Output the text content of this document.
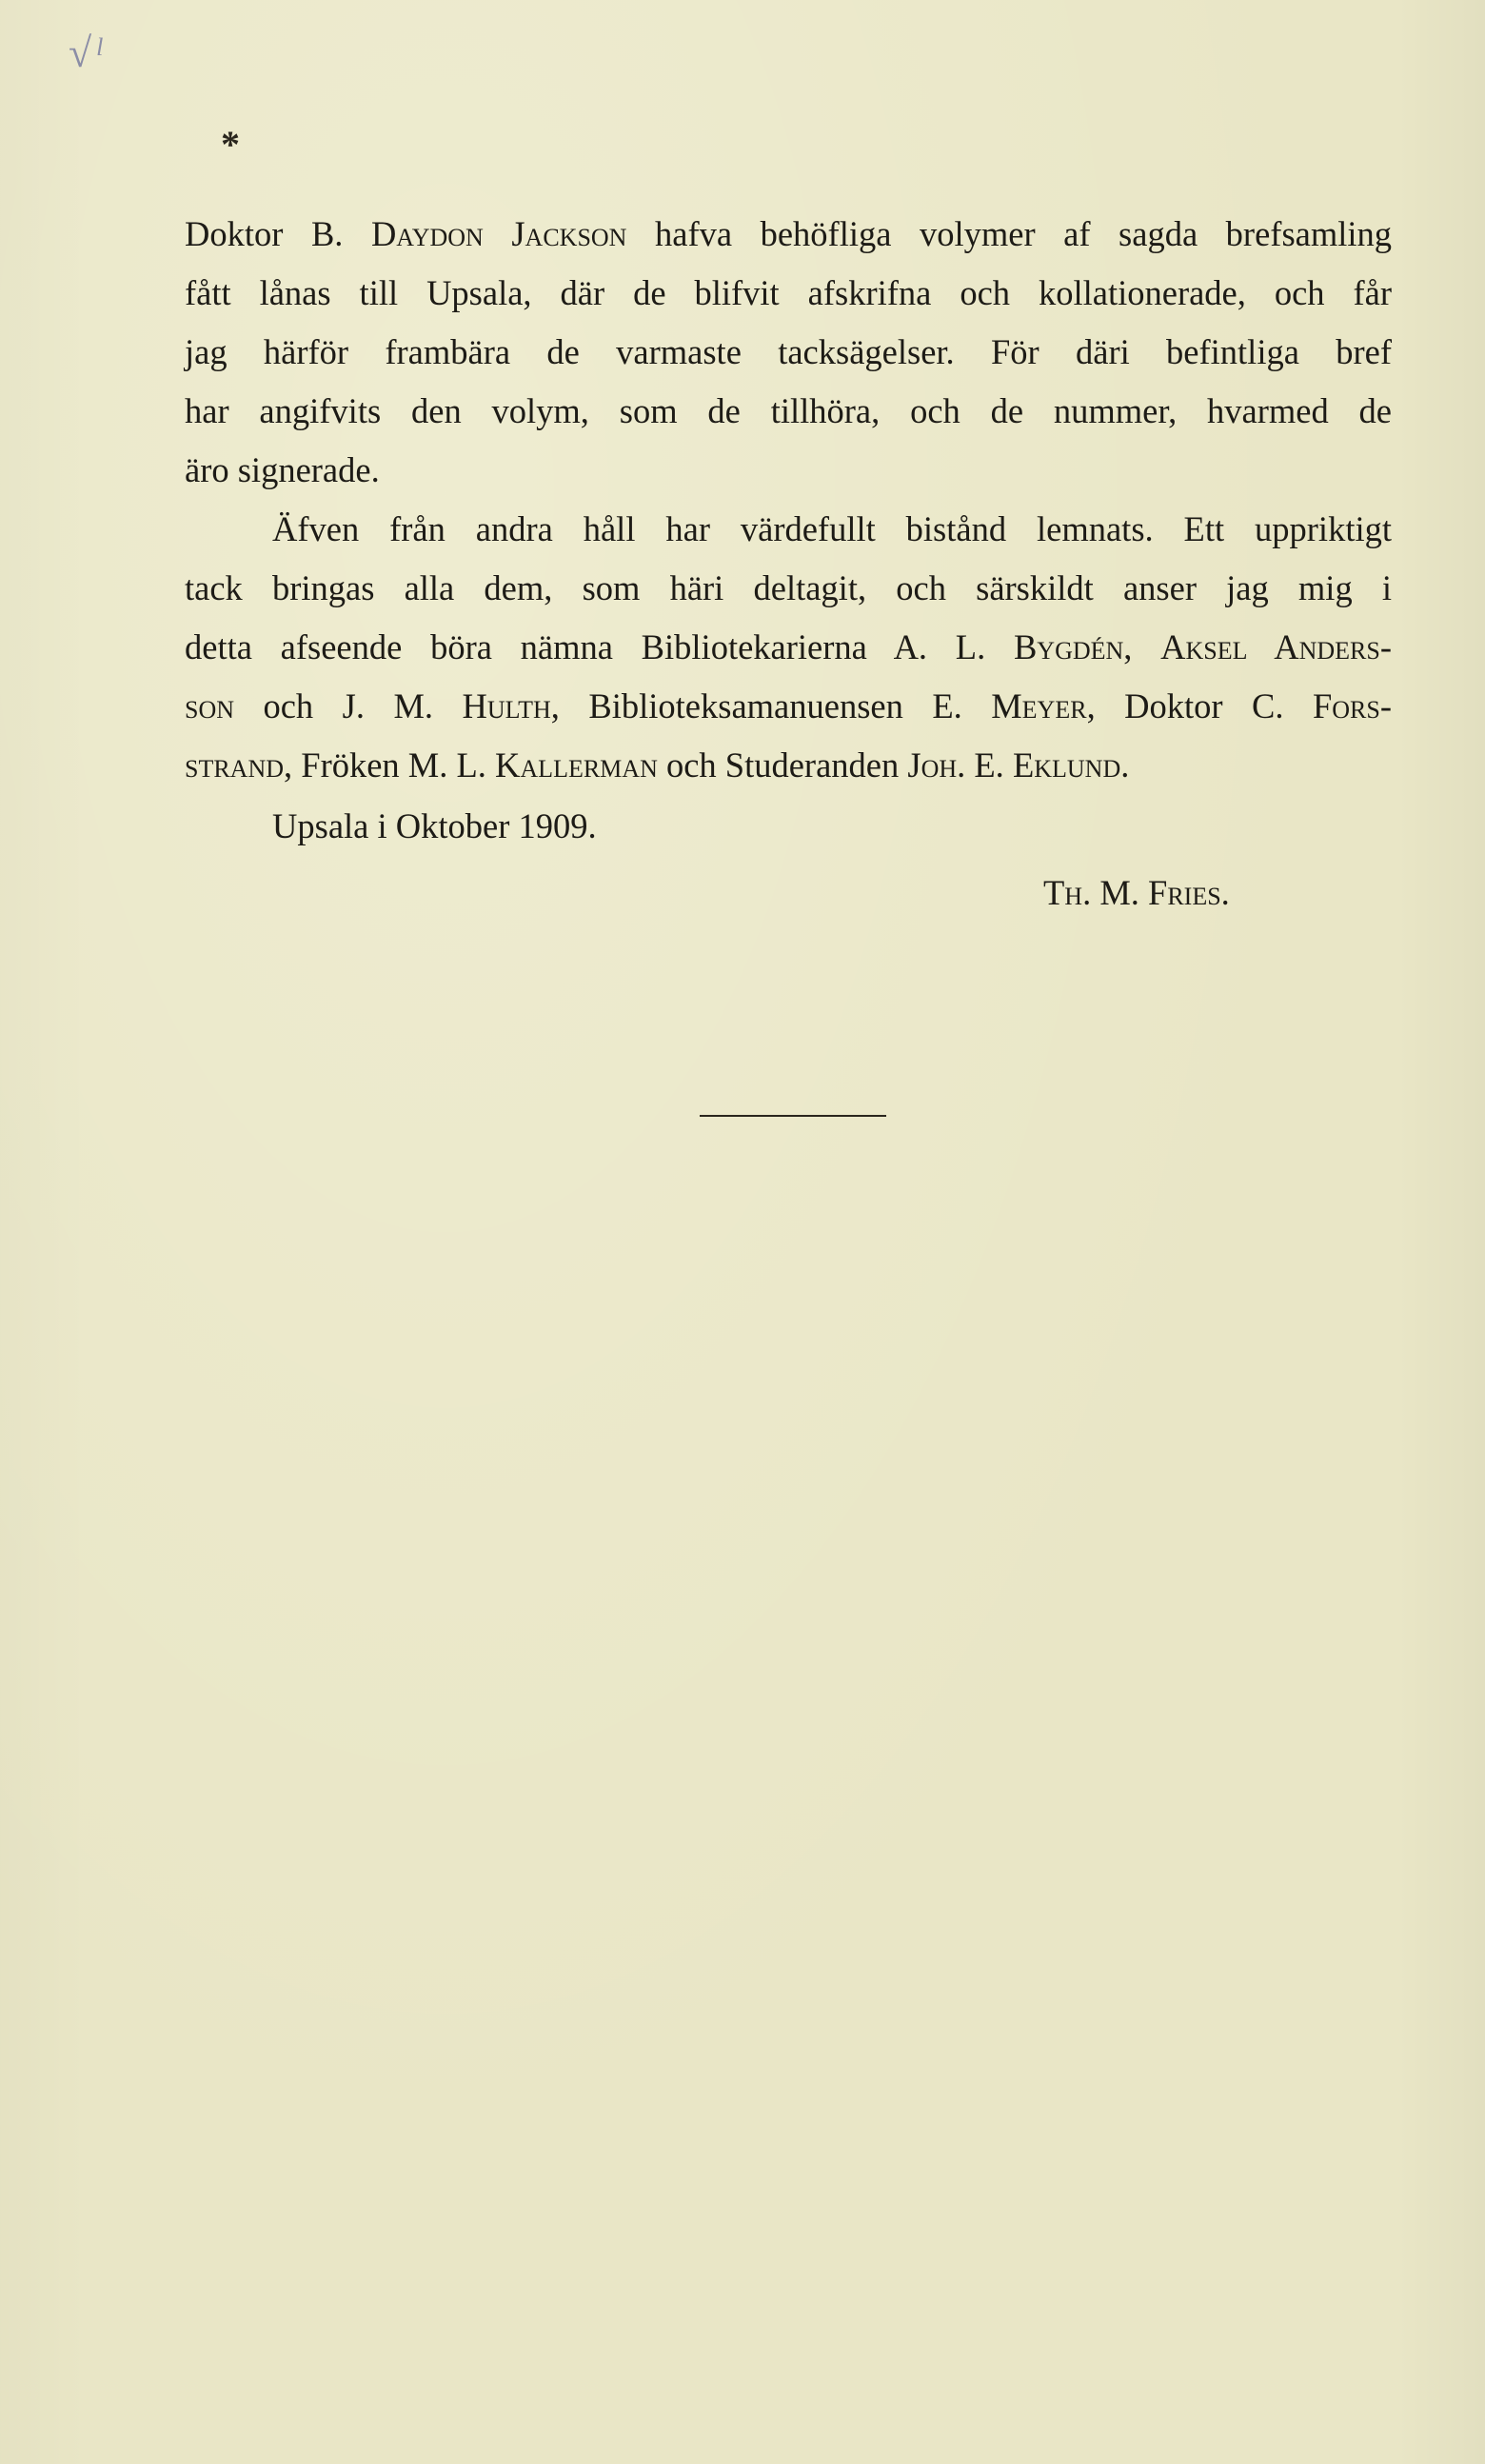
√ˡ
*
Doktor B. Daydon Jackson hafva behöfliga volymer af sagda brefsamling
fått lånas till Upsala, där de blifvit afskrifna och kollationerade, och får
jag härför frambära de varmaste tacksägelser. För däri befintliga bref
har angifvits den volym, som de tillhöra, och de nummer, hvarmed de
äro signerade.
Äfven från andra håll har värdefullt bistånd lemnats. Ett uppriktigt
tack bringas alla dem, som häri deltagit, och särskildt anser jag mig i
detta afseende böra nämna Bibliotekarierna A. L. Bygdén, Aksel Anders-
son och J. M. Hulth, Biblioteksamanuensen E. Meyer, Doktor C. Fors-
strand, Fröken M. L. Kallerman och Studeranden Joh. E. Eklund.
Upsala i Oktober 1909.
Th. M. Fries.
